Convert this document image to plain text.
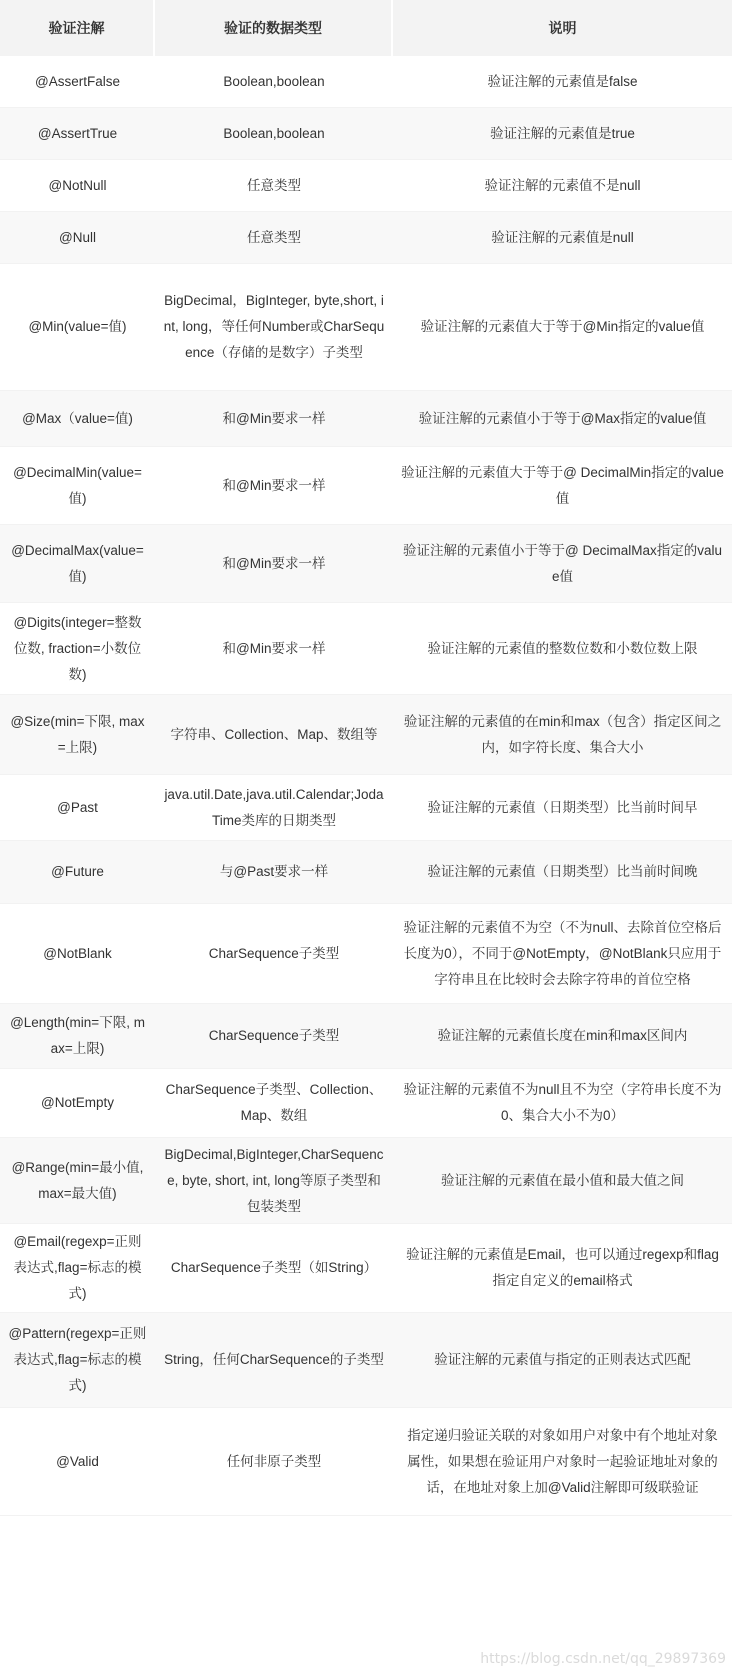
验证注解	验证的数据类型	说明
@AssertFalse	Boolean,boolean	验证注解的元素值是false
@AssertTrue	Boolean,boolean	验证注解的元素值是true
@NotNull	任意类型	验证注解的元素值不是null
@Null	任意类型	验证注解的元素值是null
@Min(value=值)	BigDecimal，BigInteger, byte,short, int, long，等任何Number或CharSequence（存储的是数字）子类型	验证注解的元素值大于等于@Min指定的value值
@Max（value=值)	和@Min要求一样	验证注解的元素值小于等于@Max指定的value值
@DecimalMin(value=值)	和@Min要求一样	验证注解的元素值大于等于@ DecimalMin指定的value值
@DecimalMax(value=值)	和@Min要求一样	验证注解的元素值小于等于@ DecimalMax指定的value值
@Digits(integer=整数位数, fraction=小数位数)	和@Min要求一样	验证注解的元素值的整数位数和小数位数上限
@Size(min=下限, max=上限)	字符串、Collection、Map、数组等	验证注解的元素值的在min和max（包含）指定区间之内，如字符长度、集合大小
@Past	java.util.Date,java.util.Calendar;Joda Time类库的日期类型	验证注解的元素值（日期类型）比当前时间早
@Future	与@Past要求一样	验证注解的元素值（日期类型）比当前时间晚
@NotBlank	CharSequence子类型	验证注解的元素值不为空（不为null、去除首位空格后长度为0），不同于@NotEmpty，@NotBlank只应用于字符串且在比较时会去除字符串的首位空格
@Length(min=下限, max=上限)	CharSequence子类型	验证注解的元素值长度在min和max区间内
@NotEmpty	CharSequence子类型、Collection、Map、数组	验证注解的元素值不为null且不为空（字符串长度不为0、集合大小不为0）
@Range(min=最小值, max=最大值)	BigDecimal,BigInteger,CharSequence, byte, short, int, long等原子类型和包装类型	验证注解的元素值在最小值和最大值之间
@Email(regexp=正则表达式,flag=标志的模式)	CharSequence子类型（如String）	验证注解的元素值是Email，也可以通过regexp和flag指定自定义的email格式
@Pattern(regexp=正则表达式,flag=标志的模式)	String，任何CharSequence的子类型	验证注解的元素值与指定的正则表达式匹配
@Valid	任何非原子类型	指定递归验证关联的对象如用户对象中有个地址对象属性，如果想在验证用户对象时一起验证地址对象的话，在地址对象上加@Valid注解即可级联验证
https://blog.csdn.net/qq_29897369
